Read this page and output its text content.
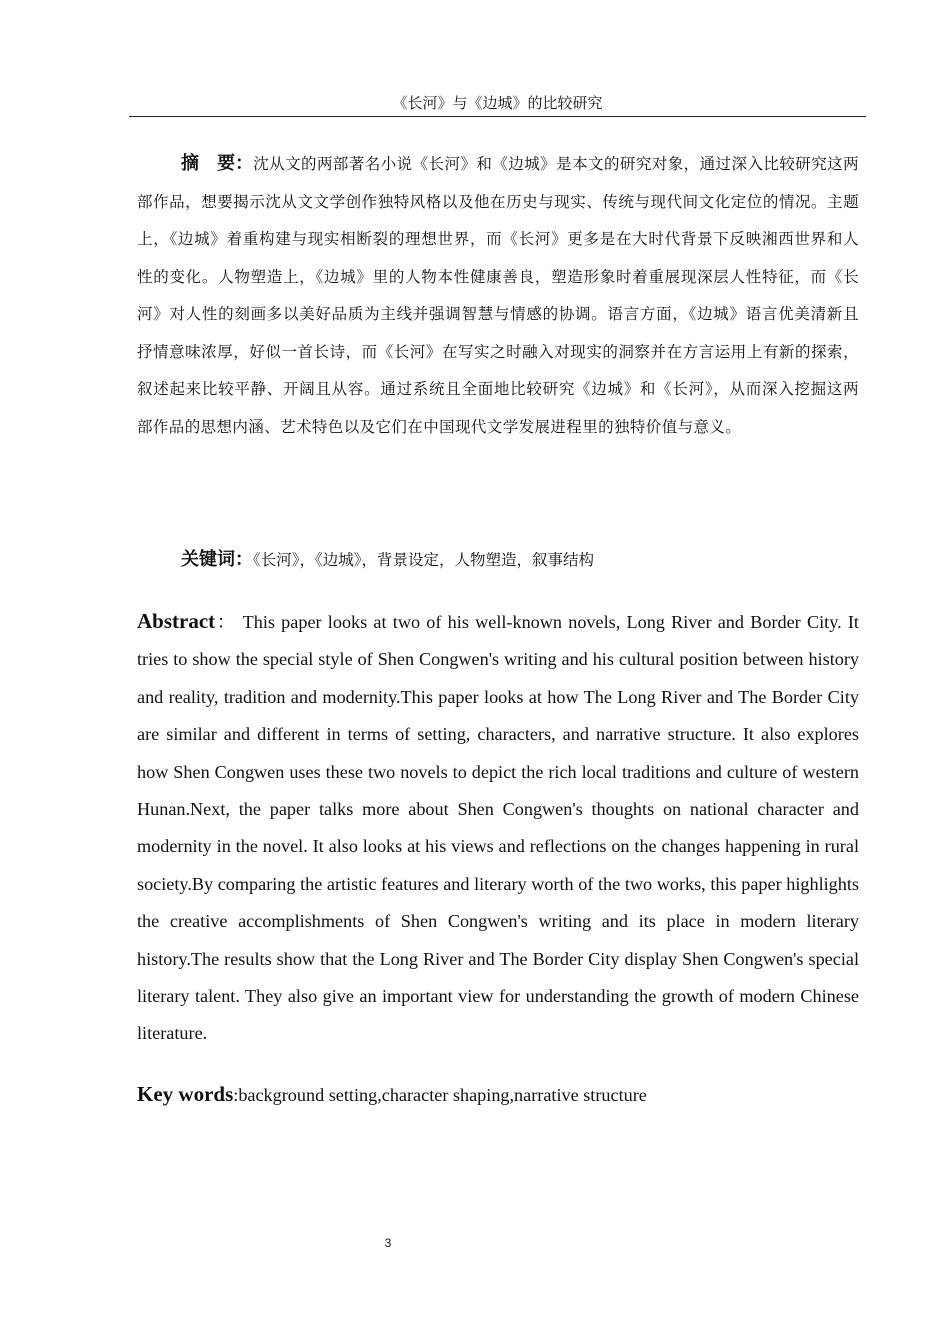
《长河》与《边城》的比较研究
摘　要：沈从文的两部著名小说《长河》和《边城》是本文的研究对象，通过深入比较研究这两部作品，想要揭示沈从文文学创作独特风格以及他在历史与现实、传统与现代间文化定位的情况。主题上，《边城》着重构建与现实相断裂的理想世界，而《长河》更多是在大时代背景下反映湘西世界和人性的变化。人物塑造上，《边城》里的人物本性健康善良，塑造形象时着重展现深层人性特征，而《长河》对人性的刻画多以美好品质为主线并强调智慧与情感的协调。语言方面，《边城》语言优美清新且抒情意味浓厚，好似一首长诗，而《长河》在写实之时融入对现实的洞察并在方言运用上有新的探索，叙述起来比较平静、开阔且从容。通过系统且全面地比较研究《边城》和《长河》，从而深入挖掘这两部作品的思想内涵、艺术特色以及它们在中国现代文学发展进程里的独特价值与意义。
关键词：《长河》，《边城》，背景设定，人物塑造，叙事结构
Abstract： This paper looks at two of his well-known novels, Long River and Border City. It tries to show the special style of Shen Congwen's writing and his cultural position between history and reality, tradition and modernity.This paper looks at how The Long River and The Border City are similar and different in terms of setting, characters, and narrative structure. It also explores how Shen Congwen uses these two novels to depict the rich local traditions and culture of western Hunan.Next, the paper talks more about Shen Congwen's thoughts on national character and modernity in the novel. It also looks at his views and reflections on the changes happening in rural society.By comparing the artistic features and literary worth of the two works, this paper highlights the creative accomplishments of Shen Congwen's writing and its place in modern literary history.The results show that the Long River and The Border City display Shen Congwen's special literary talent. They also give an important view for understanding the growth of modern Chinese literature.
Key words:background setting,character shaping,narrative structure
3
